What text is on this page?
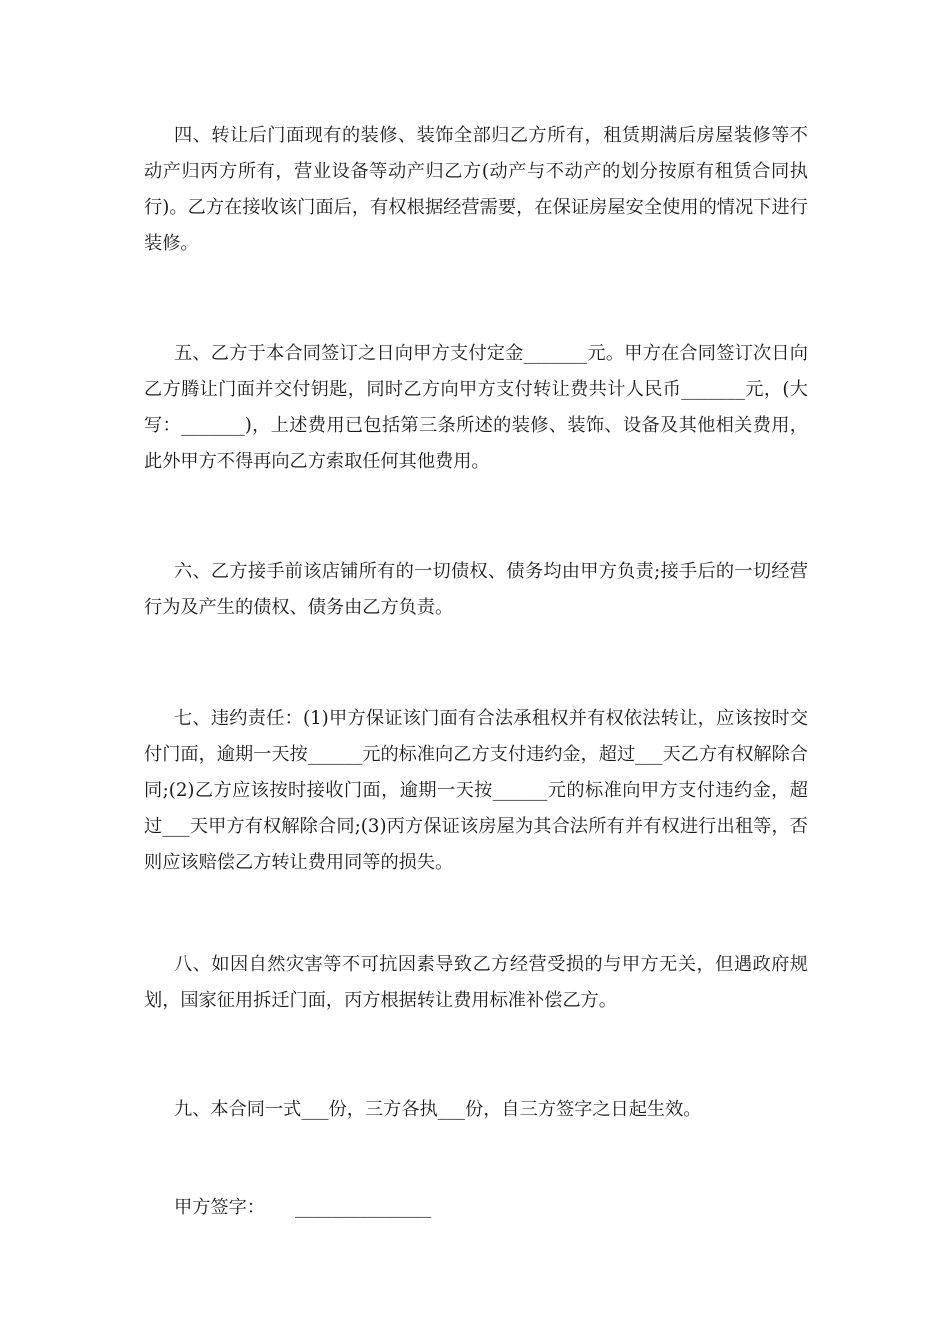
四、转让后门面现有的装修、装饰全部归乙方所有，租赁期满后房屋装修等不动产归丙方所有，营业设备等动产归乙方(动产与不动产的划分按原有租赁合同执行)。乙方在接收该门面后，有权根据经营需要，在保证房屋安全使用的情况下进行装修。

五、乙方于本合同签订之日向甲方支付定金_______元。甲方在合同签订次日向乙方腾让门面并交付钥匙，同时乙方向甲方支付转让费共计人民币_______元，(大写：_______)，上述费用已包括第三条所述的装修、装饰、设备及其他相关费用，此外甲方不得再向乙方索取任何其他费用。

六、乙方接手前该店铺所有的一切债权、债务均由甲方负责;接手后的一切经营行为及产生的债权、债务由乙方负责。

七、违约责任：(1)甲方保证该门面有合法承租权并有权依法转让，应该按时交付门面，逾期一天按______元的标准向乙方支付违约金，超过___天乙方有权解除合同;(2)乙方应该按时接收门面，逾期一天按______元的标准向甲方支付违约金，超过___天甲方有权解除合同;(3)丙方保证该房屋为其合法所有并有权进行出租等，否则应该赔偿乙方转让费用同等的损失。

八、如因自然灾害等不可抗因素导致乙方经营受损的与甲方无关，但遇政府规划，国家征用拆迁门面，丙方根据转让费用标准补偿乙方。

九、本合同一式___份，三方各执___份，自三方签字之日起生效。

甲方签字： _______________
